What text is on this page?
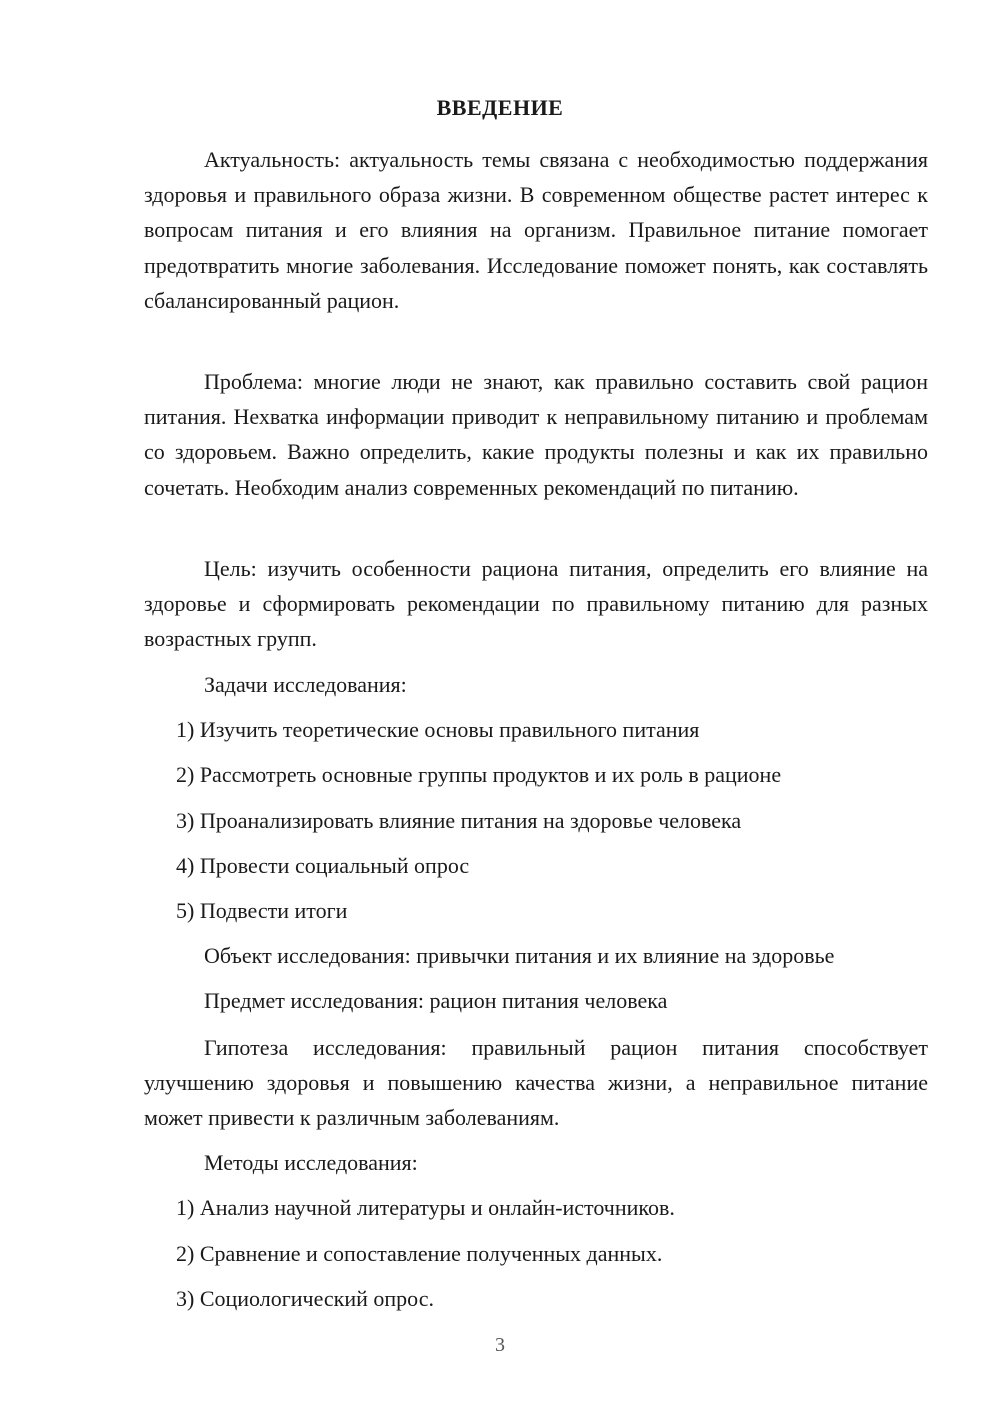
ВВЕДЕНИЕ

Актуальность: актуальность темы связана с необходимостью поддержания здоровья и правильного образа жизни. В современном обществе растет интерес к вопросам питания и его влияния на организм. Правильное питание помогает предотвратить многие заболевания. Исследование поможет понять, как составлять сбалансированный рацион.

Проблема: многие люди не знают, как правильно составить свой рацион питания. Нехватка информации приводит к неправильному питанию и проблемам со здоровьем. Важно определить, какие продукты полезны и как их правильно сочетать. Необходим анализ современных рекомендаций по питанию.

Цель: изучить особенности рациона питания, определить его влияние на здоровье и сформировать рекомендации по правильному питанию для разных возрастных групп.

Задачи исследования:

1) Изучить теоретические основы правильного питания

2) Рассмотреть основные группы продуктов и их роль в рационе

3) Проанализировать влияние питания на здоровье человека

4) Провести социальный опрос

5) Подвести итоги

Объект исследования: привычки питания и их влияние на здоровье

Предмет исследования: рацион питания человека

Гипотеза исследования: правильный рацион питания способствует улучшению здоровья и повышению качества жизни, а неправильное питание может привести к различным заболеваниям.

Методы исследования:

1) Анализ научной литературы и онлайн-источников.

2) Сравнение и сопоставление полученных данных.

3) Социологический опрос.

3
